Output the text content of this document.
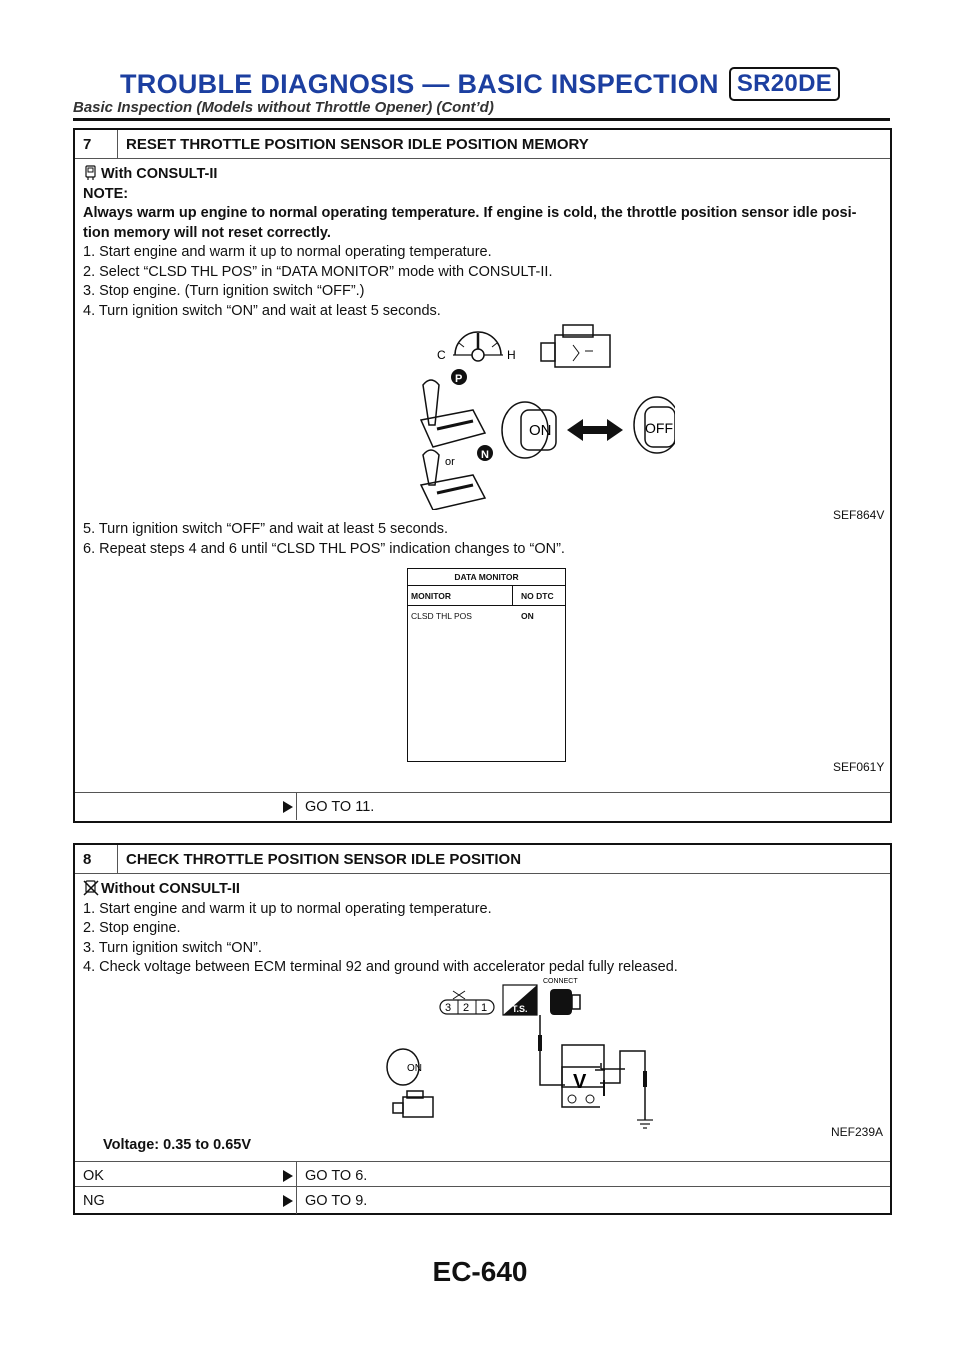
TROUBLE DIAGNOSIS — BASIC INSPECTION SR20DE
Basic Inspection (Models without Throttle Opener) (Cont’d)
7	RESET THROTTLE POSITION SENSOR IDLE POSITION MEMORY
With CONSULT-II
NOTE:
Always warm up engine to normal operating temperature. If engine is cold, the throttle position sensor idle posi-
tion memory will not reset correctly.
1. Start engine and warm it up to normal operating temperature.
2. Select “CLSD THL POS” in “DATA MONITOR” mode with CONSULT-II.
3. Stop engine. (Turn ignition switch “OFF”.)
4. Turn ignition switch “ON” and wait at least 5 seconds.
C	H
P
or
N
ON	OFF
SEF864V
5. Turn ignition switch “OFF” and wait at least 5 seconds.
6. Repeat steps 4 and 6 until “CLSD THL POS” indication changes to “ON”.
DATA MONITOR
MONITOR	NO DTC
CLSD THL POS	ON
SEF061Y
GO TO 11.
8	CHECK THROTTLE POSITION SENSOR IDLE POSITION
Without CONSULT-II
1. Start engine and warm it up to normal operating temperature.
2. Stop engine.
3. Turn ignition switch “ON”.
4. Check voltage between ECM terminal 92 and ground with accelerator pedal fully released.
3 2 1	T.S.
CONNECT
V
ON
NEF239A
Voltage: 0.35 to 0.65V
OK	GO TO 6.
NG	GO TO 9.
EC-640
